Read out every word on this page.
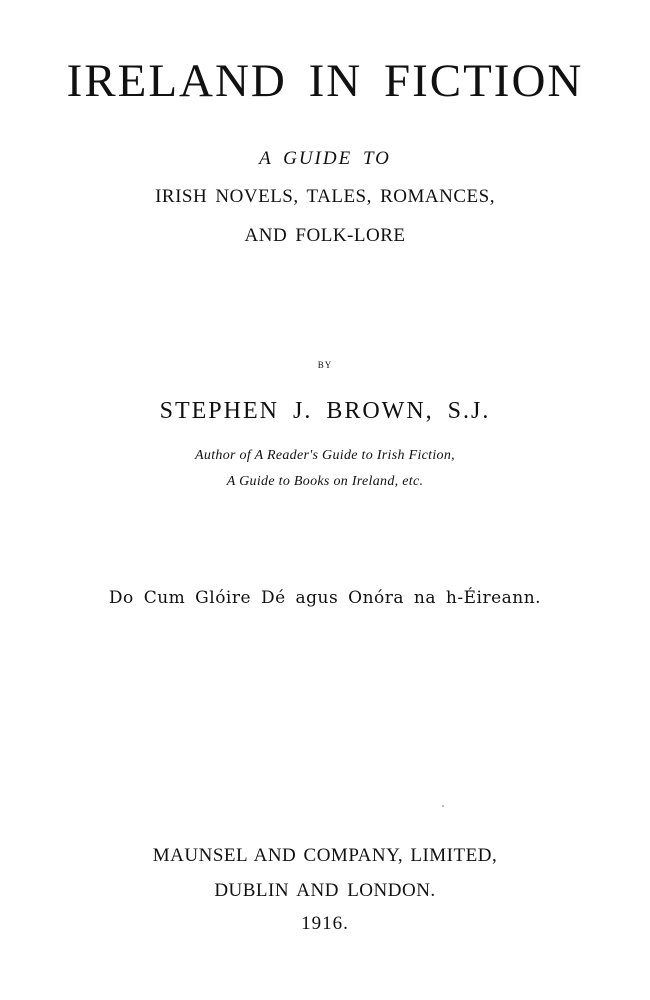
IRELAND IN FICTION
A GUIDE TO
IRISH NOVELS, TALES, ROMANCES,
AND FOLK-LORE
BY
STEPHEN J. BROWN, S.J.
Author of A Reader's Guide to Irish Fiction,
A Guide to Books on Ireland, etc.
Do Cum Glóire Dé agus Onóra na h-Éireann.
MAUNSEL AND COMPANY, LIMITED,
DUBLIN AND LONDON.
1916.
